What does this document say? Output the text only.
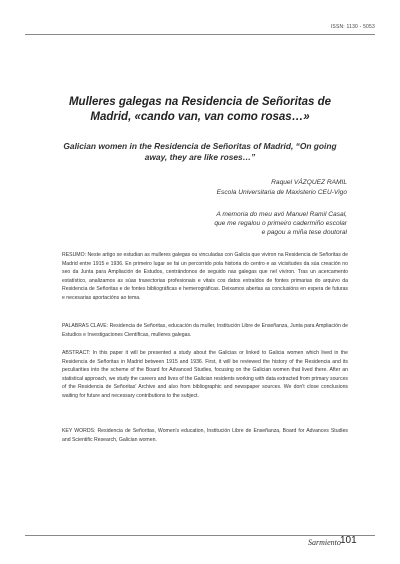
ISSN: 1130 - 5053
Mulleres galegas na Residencia de Señoritas de Madrid, «cando van, van como rosas…»
Galician women in the Residencia de Señoritas of Madrid, “On going away, they are like roses…”
Raquel VÁZQUEZ RAMIL
Escola Universitaria de Maxisterio CEU-Vigo
A memoria do meu avó Manuel Ramil Casal,
que me regalou o primeiro cadermiño escolar
e pagou a miña tese doutoral
RESUMO: Neste artigo se estudian as mulleres galegas ou vinculadas con Galicia que viviron na Residencia de Señoritas de Madrid entre 1915 e 1936. En primeiro lugar se fai un percorrido pola historia do centro e as vicisitudes da súa creación no seo da Junta para Ampliación de Estudos, centrándonos de seguido nas galegas que nel viviron. Tras un acercamento estatístico, analizamos as súas traxectorias profesionais e vitais cos datos extraídos de fontes primarias do arquivo da Residencia de Señoritas e de fontes bibliográficas e hemerográficas. Deixamos abertas as conclusións en espera de futuras e necesarias aportacións ao tema.
PALABRAS CLAVE: Residencia de Señoritas, educación da muller, Institución Libre de Enseñanza, Junta para Ampliación de Estudios e Investigaciones Científicas, mulleres galegas.
ABSTRACT: In this paper it will be presented a study about the Galicias or linked to Galicia women which lived in the Residencia de Señoritas in Madrid between 1915 and 1936. First, it will be reviewed the history of the Residencia and its peculiarities into the scheme of the Board for Advanced Studies, focusing on the Galician women that lived there. After an statistical approach, we study the careers and lives of the Galician residents working with data extracted from primary sources of the Residencia de Señoritas' Archive and also from bibliographic and newspaper sources. We don't close conclusions waiting for future and necessary contributions to the subject.
KEY WORDS: Residencia de Señoritas, Women's education, Institución Libre de Enseñanza, Board for Advances Studies and Scientific Research, Galician women.
Sarmiento 101
